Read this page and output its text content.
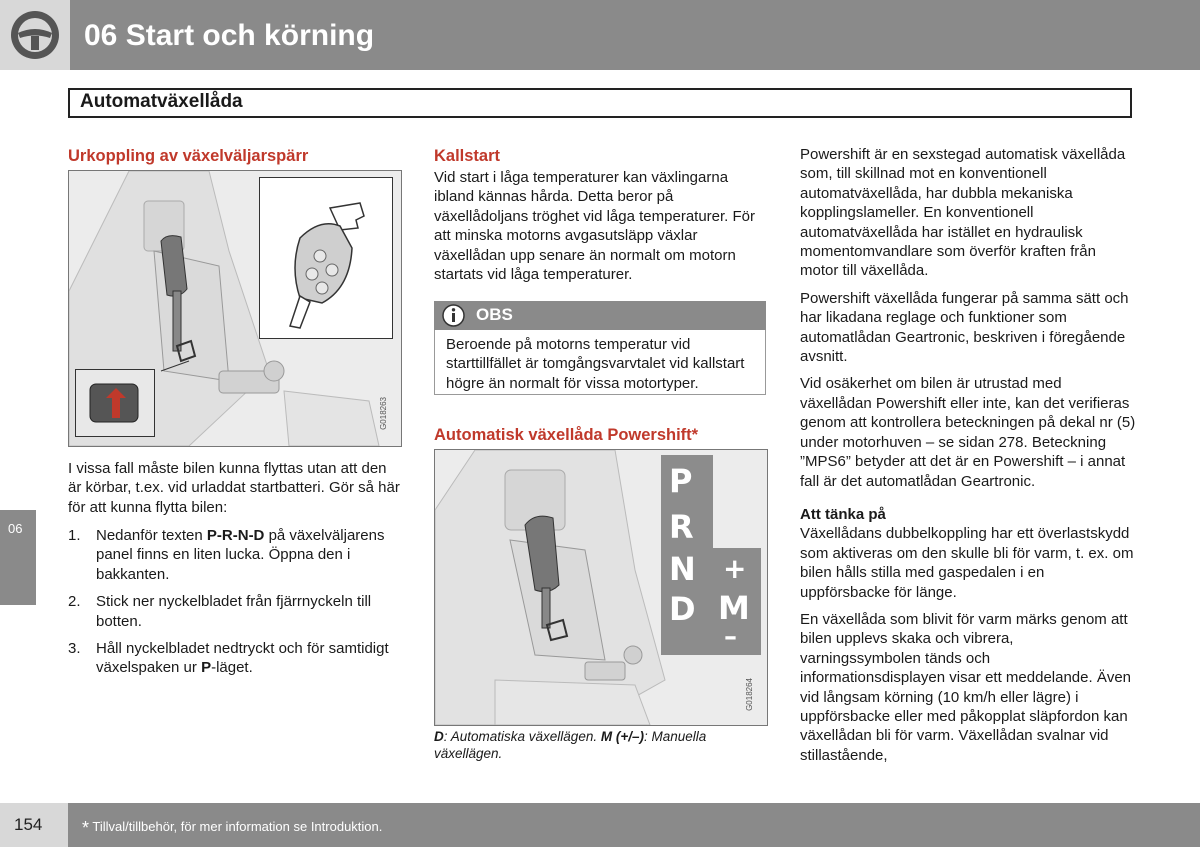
06 Start och körning
Automatväxellåda
Urkoppling av växelväljarspärr
G018263
I vissa fall måste bilen kunna flyttas utan att den är körbar, t.ex. vid urladdat startbatteri. Gör så här för att kunna flytta bilen:
1.	Nedanför texten P-R-N-D på växelväljarens panel finns en liten lucka. Öppna den i bakkanten.
2.	Stick ner nyckelbladet från fjärrnyckeln till botten.
3.	Håll nyckelbladet nedtryckt och för samtidigt växelspaken ur P-läget.
Kallstart
Vid start i låga temperaturer kan växlingarna ibland kännas hårda. Detta beror på växellådoljans tröghet vid låga temperaturer. För att minska motorns avgasutsläpp växlar växellådan upp senare än normalt om motorn startats vid låga temperaturer.
OBS
Beroende på motorns temperatur vid starttillfället är tomgångsvarvtalet vid kallstart högre än normalt för vissa motortyper.
Automatisk växellåda Powershift*
P
R
N
D
+
M
–
G018264
D: Automatiska växellägen. M (+/–): Manuella växellägen.
Powershift är en sexstegad automatisk växellåda som, till skillnad mot en konventionell automatväxellåda, har dubbla mekaniska kopplingslameller. En konventionell automatväxellåda har istället en hydraulisk momentomvandlare som överför kraften från motor till växellåda.
Powershift växellåda fungerar på samma sätt och har likadana reglage och funktioner som automatlådan Geartronic, beskriven i föregående avsnitt.
Vid osäkerhet om bilen är utrustad med växellådan Powershift eller inte, kan det verifieras genom att kontrollera beteckningen på dekal nr (5) under motorhuven – se sidan 278. Beteckning ”MPS6” betyder att det är en Powershift – i annat fall är det automatlådan Geartronic.
Att tänka på
Växellådans dubbelkoppling har ett överlastskydd som aktiveras om den skulle bli för varm, t. ex. om bilen hålls stilla med gaspedalen i en uppförsbacke för länge.
En växellåda som blivit för varm märks genom att bilen upplevs skaka och vibrera, varningssymbolen tänds och informationsdisplayen visar ett meddelande. Även vid långsam körning (10 km/h eller lägre) i uppförsbacke eller med påkopplat släpfordon kan växellådan bli för varm. Växellådan svalnar vid stillastående,
06
154 * Tillval/tillbehör, för mer information se Introduktion.
